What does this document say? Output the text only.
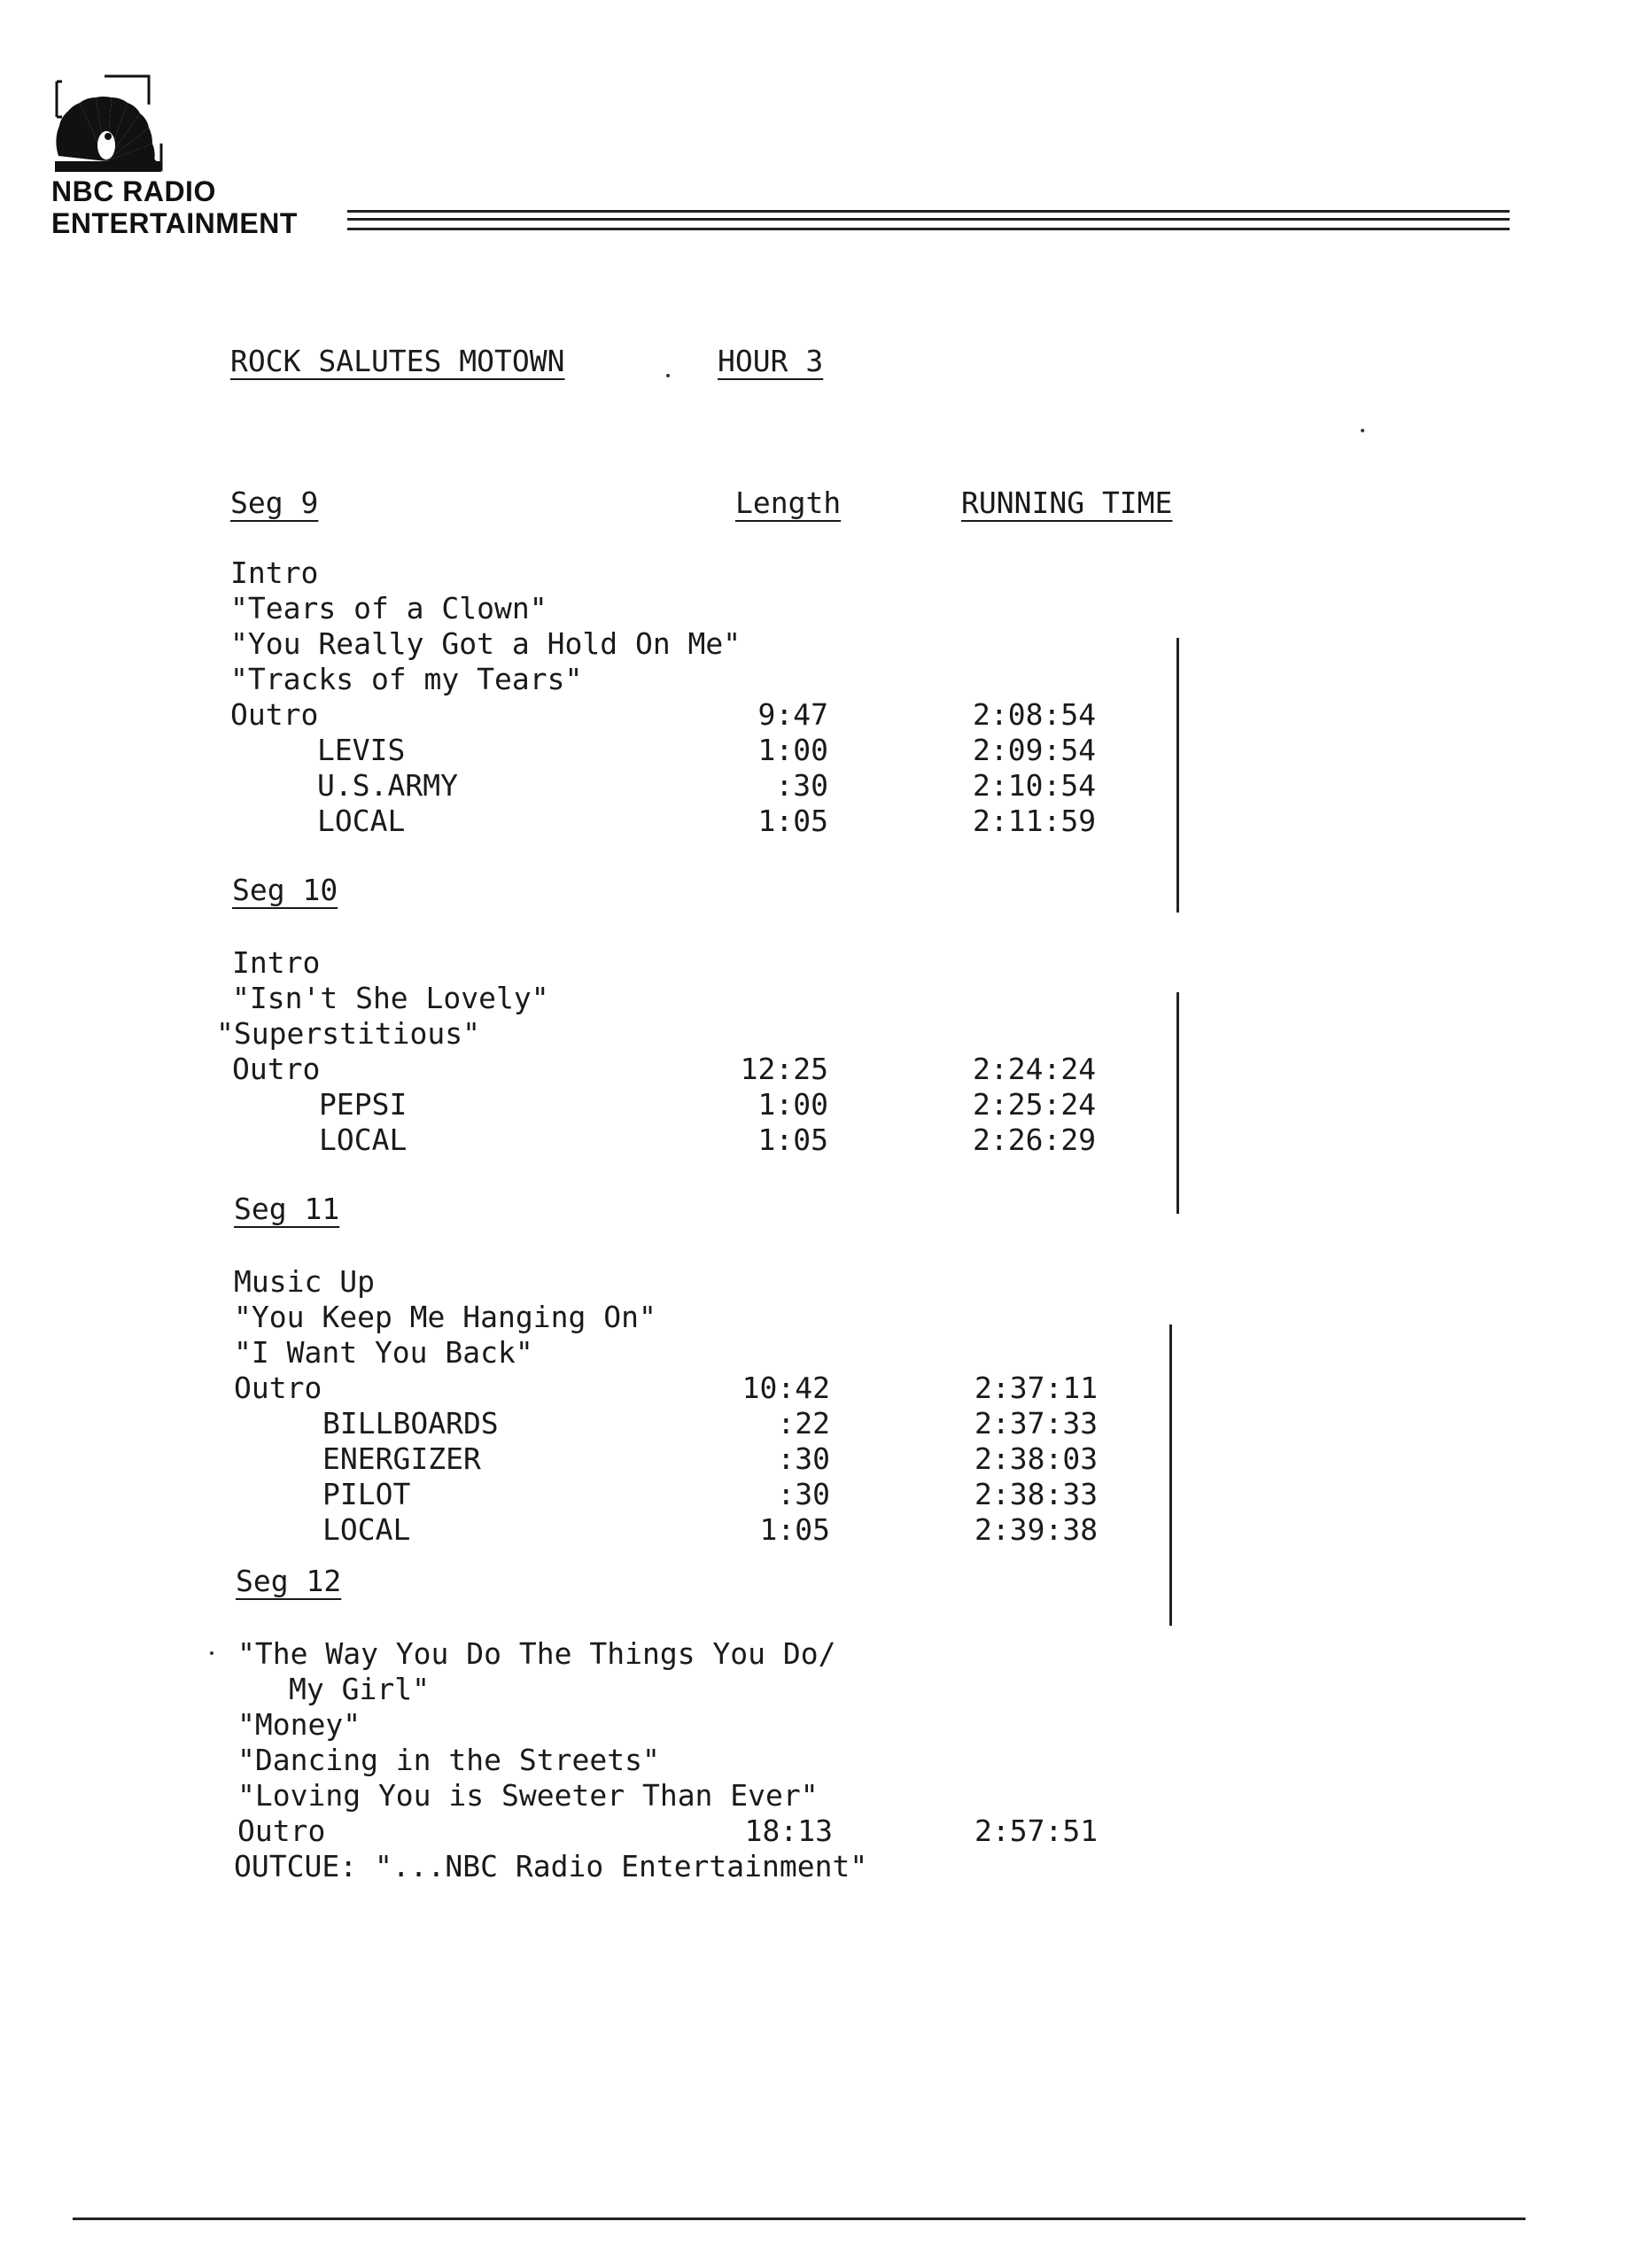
NBC RADIO
ENTERTAINMENT
ROCK SALUTES MOTOWN	HOUR 3
Seg 9	Length	RUNNING TIME
Intro
"Tears of a Clown"
"You Really Got a Hold On Me"
"Tracks of my Tears"
Outro	9:47	2:08:54
LEVIS	1:00	2:09:54
U.S.ARMY	:30	2:10:54
LOCAL	1:05	2:11:59
Seg 10
Intro
"Isn't She Lovely"
"Superstitious"
Outro	12:25	2:24:24
PEPSI	1:00	2:25:24
LOCAL	1:05	2:26:29
Seg 11
Music Up
"You Keep Me Hanging On"
"I Want You Back"
Outro	10:42	2:37:11
BILLBOARDS	:22	2:37:33
ENERGIZER	:30	2:38:03
PILOT	:30	2:38:33
LOCAL	1:05	2:39:38
Seg 12
"The Way You Do The Things You Do/
My Girl"
"Money"
"Dancing in the Streets"
"Loving You is Sweeter Than Ever"
Outro	18:13	2:57:51
OUTCUE: "...NBC Radio Entertainment"
